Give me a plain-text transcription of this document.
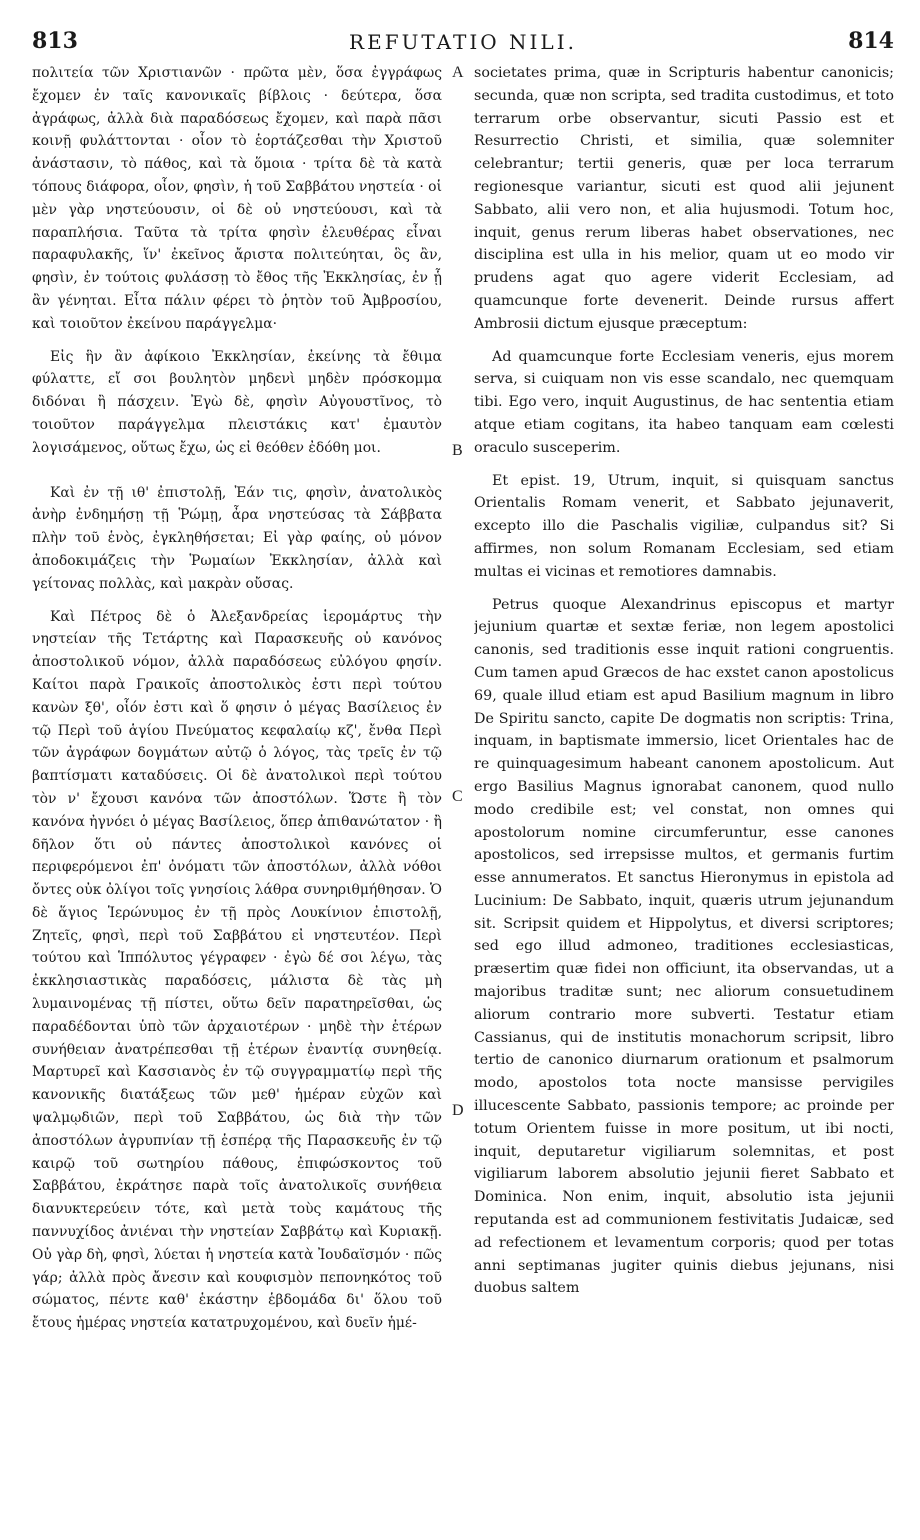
813	REFUTATIO NILI.	814

πολιτεία τῶν Χριστιανῶν · πρῶτα μὲν, ὅσα ἐγγράφως ἔχομεν ἐν ταῖς κανονικαῖς βίβλοις · δεύτερα, ὅσα ἀγράφως, ἀλλὰ διὰ παραδόσεως ἔχομεν, καὶ παρὰ πᾶσι κοινῇ φυλάττονται · οἷον τὸ ἑορτάζεσθαι τὴν Χριστοῦ ἀνάστασιν, τὸ πάθος, καὶ τὰ ὅμοια · τρίτα δὲ τὰ κατὰ τόπους διάφορα, οἷον, φησὶν, ἡ τοῦ Σαββάτου νηστεία · οἱ μὲν γὰρ νηστεύουσιν, οἱ δὲ οὐ νηστεύουσι, καὶ τὰ παραπλήσια. Ταῦτα τὰ τρίτα φησὶν ἐλευθέρας εἶναι παραφυλακῆς, ἵν' ἐκεῖνος ἄριστα πολιτεύηται, ὃς ἂν, φησὶν, ἐν τούτοις φυλάσσῃ τὸ ἔθος τῆς Ἐκκλησίας, ἐν ᾗ ἂν γένηται. Εἶτα πάλιν φέρει τὸ ῥητὸν τοῦ Ἀμβροσίου, καὶ τοιοῦτον ἐκείνου παράγγελμα·

Εἰς ἣν ἂν ἀφίκοιο Ἐκκλησίαν, ἐκείνης τὰ ἔθιμα φύλαττε, εἴ σοι βουλητὸν μηδενὶ μηδὲν πρόσκομμα διδόναι ἢ πάσχειν. Ἐγὼ δὲ, φησὶν Αὐγουστῖνος, τὸ τοιοῦτον παράγγελμα πλειστάκις κατ' ἐμαυτὸν λογισάμενος, οὕτως ἔχω, ὡς εἰ θεόθεν ἐδόθη μοι.

Καὶ ἐν τῇ ιθ' ἐπιστολῇ, Ἐάν τις, φησὶν, ἀνατολικὸς ἀνὴρ ἐνδημήσῃ τῇ Ῥώμῃ, ἆρα νηστεύσας τὰ Σάββατα πλὴν τοῦ ἑνὸς, ἐγκληθήσεται; Εἰ γὰρ φαίης, οὐ μόνον ἀποδοκιμάζεις τὴν Ῥωμαίων Ἐκκλησίαν, ἀλλὰ καὶ γείτονας πολλὰς, καὶ μακρὰν οὔσας.

Καὶ Πέτρος δὲ ὁ Ἀλεξανδρείας ἱερομάρτυς τὴν νηστείαν τῆς Τετάρτης καὶ Παρασκευῆς οὐ κανόνος ἀποστολικοῦ νόμον, ἀλλὰ παραδόσεως εὐλόγου φησίν. Καίτοι παρὰ Γραικοῖς ἀποστολικὸς ἐστι περὶ τούτου κανὼν ξθ', οἷόν ἐστι καὶ ὅ φησιν ὁ μέγας Βασίλειος ἐν τῷ Περὶ τοῦ ἁγίου Πνεύματος κεφαλαίῳ κζ', ἔνθα Περὶ τῶν ἀγράφων δογμάτων αὐτῷ ὁ λόγος, τὰς τρεῖς ἐν τῷ βαπτίσματι καταδύσεις. Οἱ δὲ ἀνατολικοὶ περὶ τούτου τὸν ν' ἔχουσι κανόνα τῶν ἀποστόλων. Ὥστε ἢ τὸν κανόνα ἠγνόει ὁ μέγας Βασίλειος, ὅπερ ἀπιθανώτατον · ἢ δῆλον ὅτι οὐ πάντες ἀποστολικοὶ κανόνες οἱ περιφερόμενοι ἐπ' ὀνόματι τῶν ἀποστόλων, ἀλλὰ νόθοι ὄντες οὐκ ὀλίγοι τοῖς γνησίοις λάθρα συνηριθμήθησαν. Ὁ δὲ ἅγιος Ἱερώνυμος ἐν τῇ πρὸς Λουκίνιον ἐπιστολῇ, Ζητεῖς, φησὶ, περὶ τοῦ Σαββάτου εἰ νηστευτέον. Περὶ τούτου καὶ Ἱππόλυτος γέγραφεν · ἐγὼ δέ σοι λέγω, τὰς ἐκκλησιαστικὰς παραδόσεις, μάλιστα δὲ τὰς μὴ λυμαινομένας τῇ πίστει, οὕτω δεῖν παρατηρεῖσθαι, ὡς παραδέδονται ὑπὸ τῶν ἀρχαιοτέρων · μηδὲ τὴν ἑτέρων συνήθειαν ἀνατρέπεσθαι τῇ ἑτέρων ἐναντίᾳ συνηθείᾳ. Μαρτυρεῖ καὶ Κασσιανὸς ἐν τῷ συγγραμματίῳ περὶ τῆς κανονικῆς διατάξεως τῶν μεθ' ἡμέραν εὐχῶν καὶ ψαλμῳδιῶν, περὶ τοῦ Σαββάτου, ὡς διὰ τὴν τῶν ἀποστόλων ἀγρυπνίαν τῇ ἑσπέρᾳ τῆς Παρασκευῆς ἐν τῷ καιρῷ τοῦ σωτηρίου πάθους, ἐπιφώσκοντος τοῦ Σαββάτου, ἐκράτησε παρὰ τοῖς ἀνατολικοῖς συνήθεια διανυκτερεύειν τότε, καὶ μετὰ τοὺς καμάτους τῆς παννυχίδος ἀνιέναι τὴν νηστείαν Σαββάτῳ καὶ Κυριακῇ. Οὐ γὰρ δὴ, φησὶ, λύεται ἡ νηστεία κατὰ Ἰουδαϊσμόν · πῶς γάρ; ἀλλὰ πρὸς ἄνεσιν καὶ κουφισμὸν πεπονηκότος τοῦ σώματος, πέντε καθ' ἑκάστην ἑβδομάδα δι' ὅλου τοῦ ἔτους ἡμέρας νηστεία κατατρυχομένου, καὶ δυεῖν ἡμέ-

A
B
C
D

societates prima, quæ in Scripturis habentur canonicis; secunda, quæ non scripta, sed tradita custodimus, et toto terrarum orbe observantur, sicuti Passio est et Resurrectio Christi, et similia, quæ solemniter celebrantur; tertii generis, quæ per loca terrarum regionesque variantur, sicuti est quod alii jejunent Sabbato, alii vero non, et alia hujusmodi. Totum hoc, inquit, genus rerum liberas habet observationes, nec disciplina est ulla in his melior, quam ut eo modo vir prudens agat quo agere viderit Ecclesiam, ad quamcunque forte devenerit. Deinde rursus affert Ambrosii dictum ejusque præceptum:

Ad quamcunque forte Ecclesiam veneris, ejus morem serva, si cuiquam non vis esse scandalo, nec quemquam tibi. Ego vero, inquit Augustinus, de hac sententia etiam atque etiam cogitans, ita habeo tanquam eam cœlesti oraculo susceperim.

Et epist. 19, Utrum, inquit, si quisquam sanctus Orientalis Romam venerit, et Sabbato jejunaverit, excepto illo die Paschalis vigiliæ, culpandus sit? Si affirmes, non solum Romanam Ecclesiam, sed etiam multas ei vicinas et remotiores damnabis.

Petrus quoque Alexandrinus episcopus et martyr jejunium quartæ et sextæ feriæ, non legem apostolici canonis, sed traditionis esse inquit rationi congruentis. Cum tamen apud Græcos de hac exstet canon apostolicus 69, quale illud etiam est apud Basilium magnum in libro De Spiritu sancto, capite De dogmatis non scriptis: Trina, inquam, in baptismate immersio, licet Orientales hac de re quinquagesimum habeant canonem apostolicum. Aut ergo Basilius Magnus ignorabat canonem, quod nullo modo credibile est; vel constat, non omnes qui apostolorum nomine circumferuntur, esse canones apostolicos, sed irrepsisse multos, et germanis furtim esse annumeratos. Et sanctus Hieronymus in epistola ad Lucinium: De Sabbato, inquit, quæris utrum jejunandum sit. Scripsit quidem et Hippolytus, et diversi scriptores; sed ego illud admoneo, traditiones ecclesiasticas, præsertim quæ fidei non officiunt, ita observandas, ut a majoribus traditæ sunt; nec aliorum consuetudinem aliorum contrario more subverti. Testatur etiam Cassianus, qui de institutis monachorum scripsit, libro tertio de canonico diurnarum orationum et psalmorum modo, apostolos tota nocte mansisse pervigiles illucescente Sabbato, passionis tempore; ac proinde per totum Orientem fuisse in more positum, ut ibi nocti, inquit, deputaretur vigiliarum solemnitas, et post vigiliarum laborem absolutio jejunii fieret Sabbato et Dominica. Non enim, inquit, absolutio ista jejunii reputanda est ad communionem festivitatis Judaicæ, sed ad refectionem et levamentum corporis; quod per totas anni septimanas jugiter quinis diebus jejunans, nisi duobus saltem
